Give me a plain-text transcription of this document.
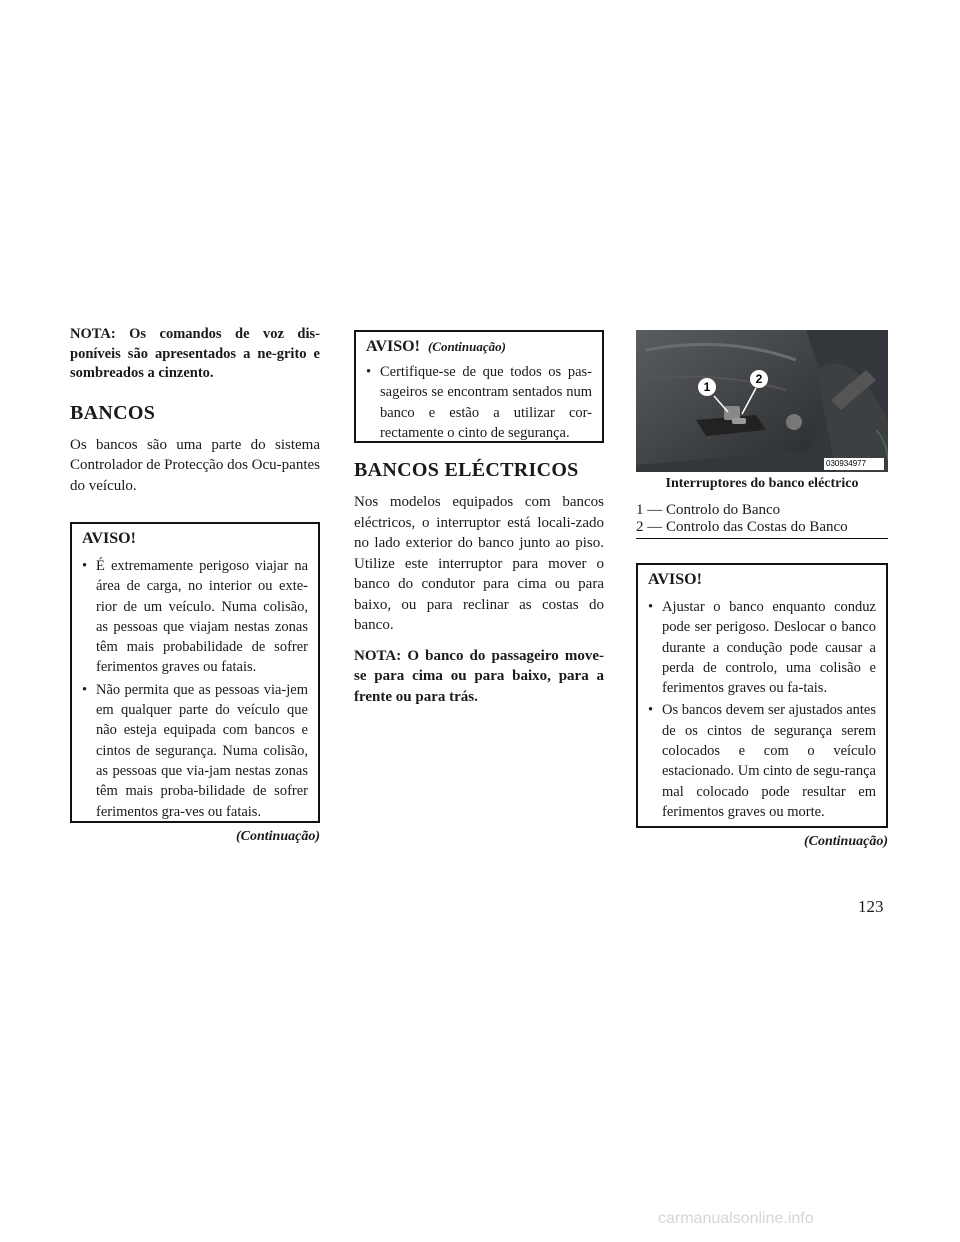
NOTA: Os comandos de voz dis-poníveis são apresentados a ne-grito e sombreados a cinzento.

BANCOS

Os bancos são uma parte do sistema Controlador de Protecção dos Ocu-pantes do veículo.

AVISO!
• É extremamente perigoso viajar na área de carga, no interior ou exte-rior de um veículo. Numa colisão, as pessoas que viajam nestas zonas têm mais probabilidade de sofrer ferimentos graves ou fatais.
• Não permita que as pessoas via-jem em qualquer parte do veículo que não esteja equipada com bancos e cintos de segurança. Numa colisão, as pessoas que via-jam nestas zonas têm mais proba-bilidade de sofrer ferimentos gra-ves ou fatais.
(Continuação)
AVISO! (Continuação)
• Certifique-se de que todos os pas-sageiros se encontram sentados num banco e estão a utilizar cor-rectamente o cinto de segurança.
BANCOS ELÉCTRICOS

Nos modelos equipados com bancos eléctricos, o interruptor está locali-zado no lado exterior do banco junto ao piso. Utilize este interruptor para mover o banco do condutor para cima ou para baixo, ou para reclinar as costas do banco.

NOTA: O banco do passageiro move-se para cima ou para baixo, para a frente ou para trás.

1
2
030934977
Interruptores do banco eléctrico
1 — Controlo do Banco
2 — Controlo das Costas do Banco
AVISO!
• Ajustar o banco enquanto conduz pode ser perigoso. Deslocar o banco durante a condução pode causar a perda de controlo, uma colisão e ferimentos graves ou fa-tais.
• Os bancos devem ser ajustados antes de os cintos de segurança serem colocados e com o veículo estacionado. Um cinto de segu-rança mal colocado pode resultar em ferimentos graves ou morte.
(Continuação)
123
carmanualsonline.info
